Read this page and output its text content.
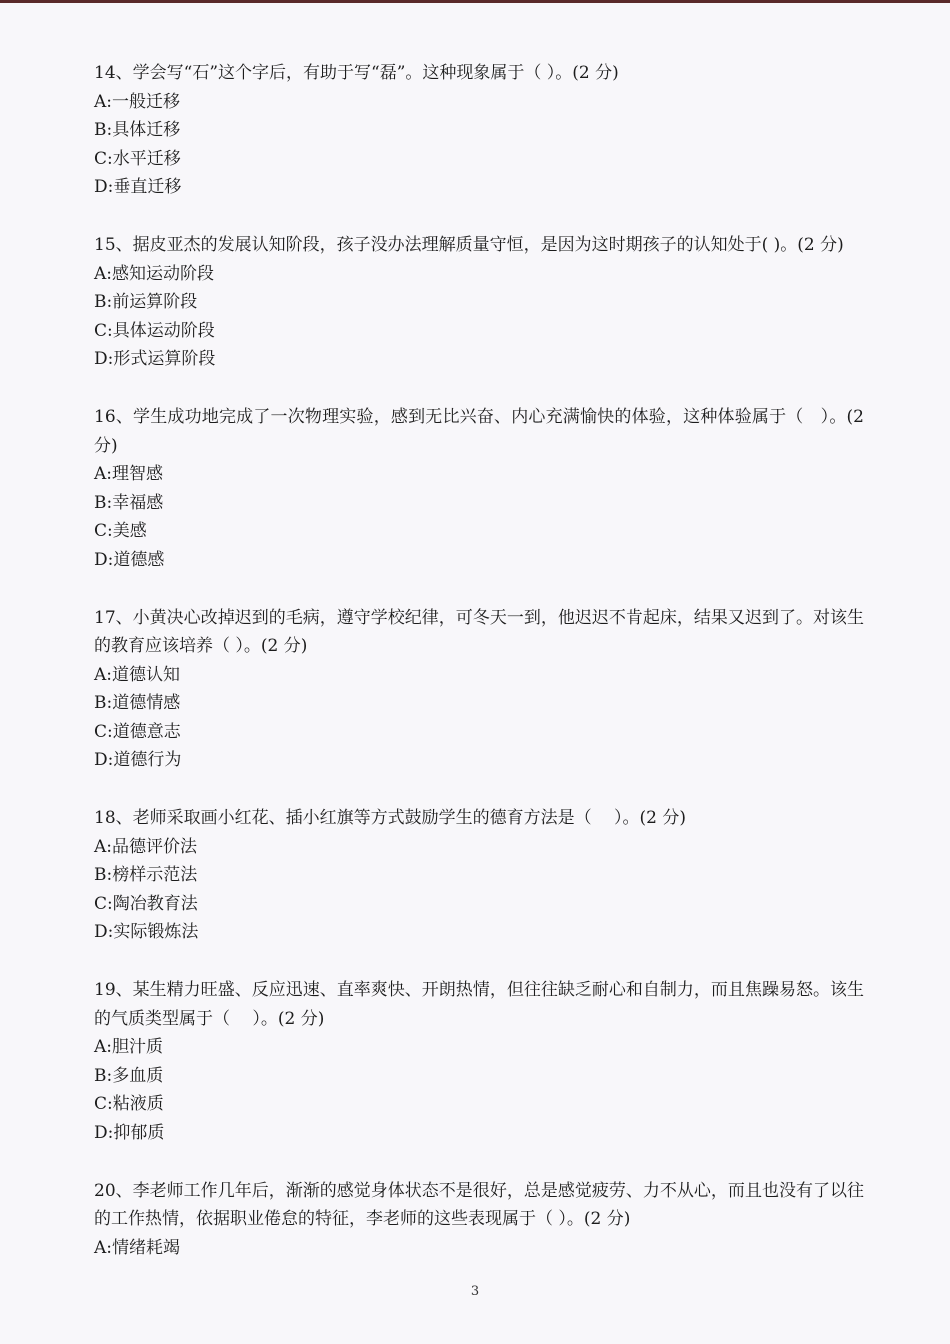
14、学会写“石”这个字后，有助于写“磊”。这种现象属于（ ）。(2 分)

A:一般迁移

B:具体迁移

C:水平迁移

D:垂直迁移

15、据皮亚杰的发展认知阶段，孩子没办法理解质量守恒，是因为这时期孩子的认知处于( )。(2 分)

A:感知运动阶段

B:前运算阶段

C:具体运动阶段

D:形式运算阶段

16、学生成功地完成了一次物理实验，感到无比兴奋、内心充满愉快的体验，这种体验属于（　）。(2 分)

A:理智感

B:幸福感

C:美感

D:道德感

17、小黄决心改掉迟到的毛病，遵守学校纪律，可冬天一到，他迟迟不肯起床，结果又迟到了。对该生的教育应该培养（ ）。(2 分)

A:道德认知

B:道德情感

C:道德意志

D:道德行为

18、老师采取画小红花、插小红旗等方式鼓励学生的德育方法是（　 ）。(2 分)

A:品德评价法

B:榜样示范法

C:陶冶教育法

D:实际锻炼法

19、某生精力旺盛、反应迅速、直率爽快、开朗热情，但往往缺乏耐心和自制力，而且焦躁易怒。该生的气质类型属于（　 ）。(2 分)

A:胆汁质

B:多血质

C:粘液质

D:抑郁质

20、李老师工作几年后，渐渐的感觉身体状态不是很好，总是感觉疲劳、力不从心，而且也没有了以往的工作热情，依据职业倦怠的特征，李老师的这些表现属于（ ）。(2 分)

A:情绪耗竭

3
